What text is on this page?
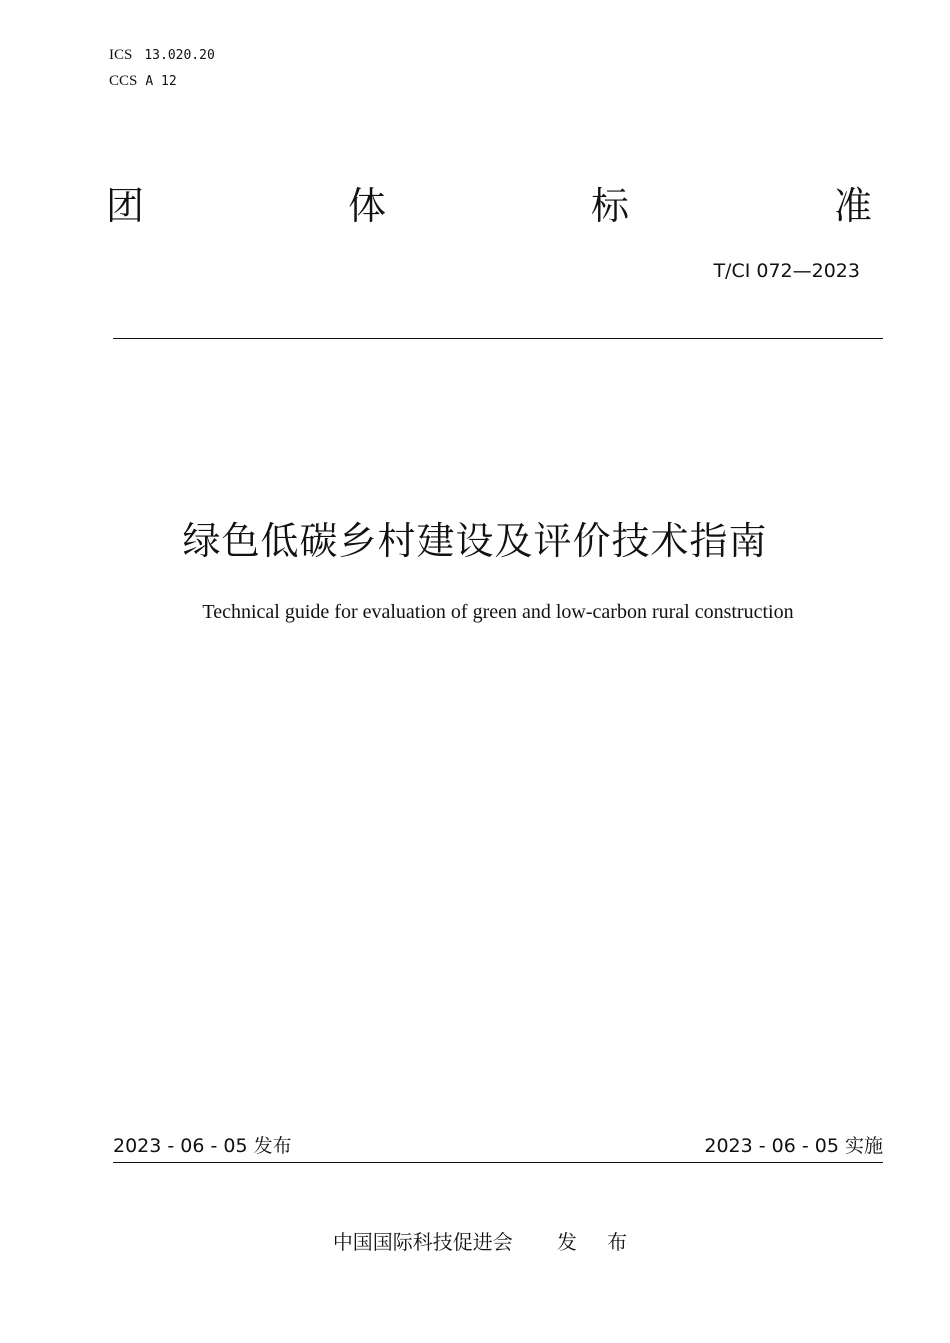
ICS 13.020.20
CCS A 12
团	体	标	准
T/CI 072—2023
绿色低碳乡村建设及评价技术指南
Technical guide for evaluation of green and low-carbon rural construction
2023 - 06 - 05 发布	2023 - 06 - 05 实施
中国国际科技促进会 发 布
